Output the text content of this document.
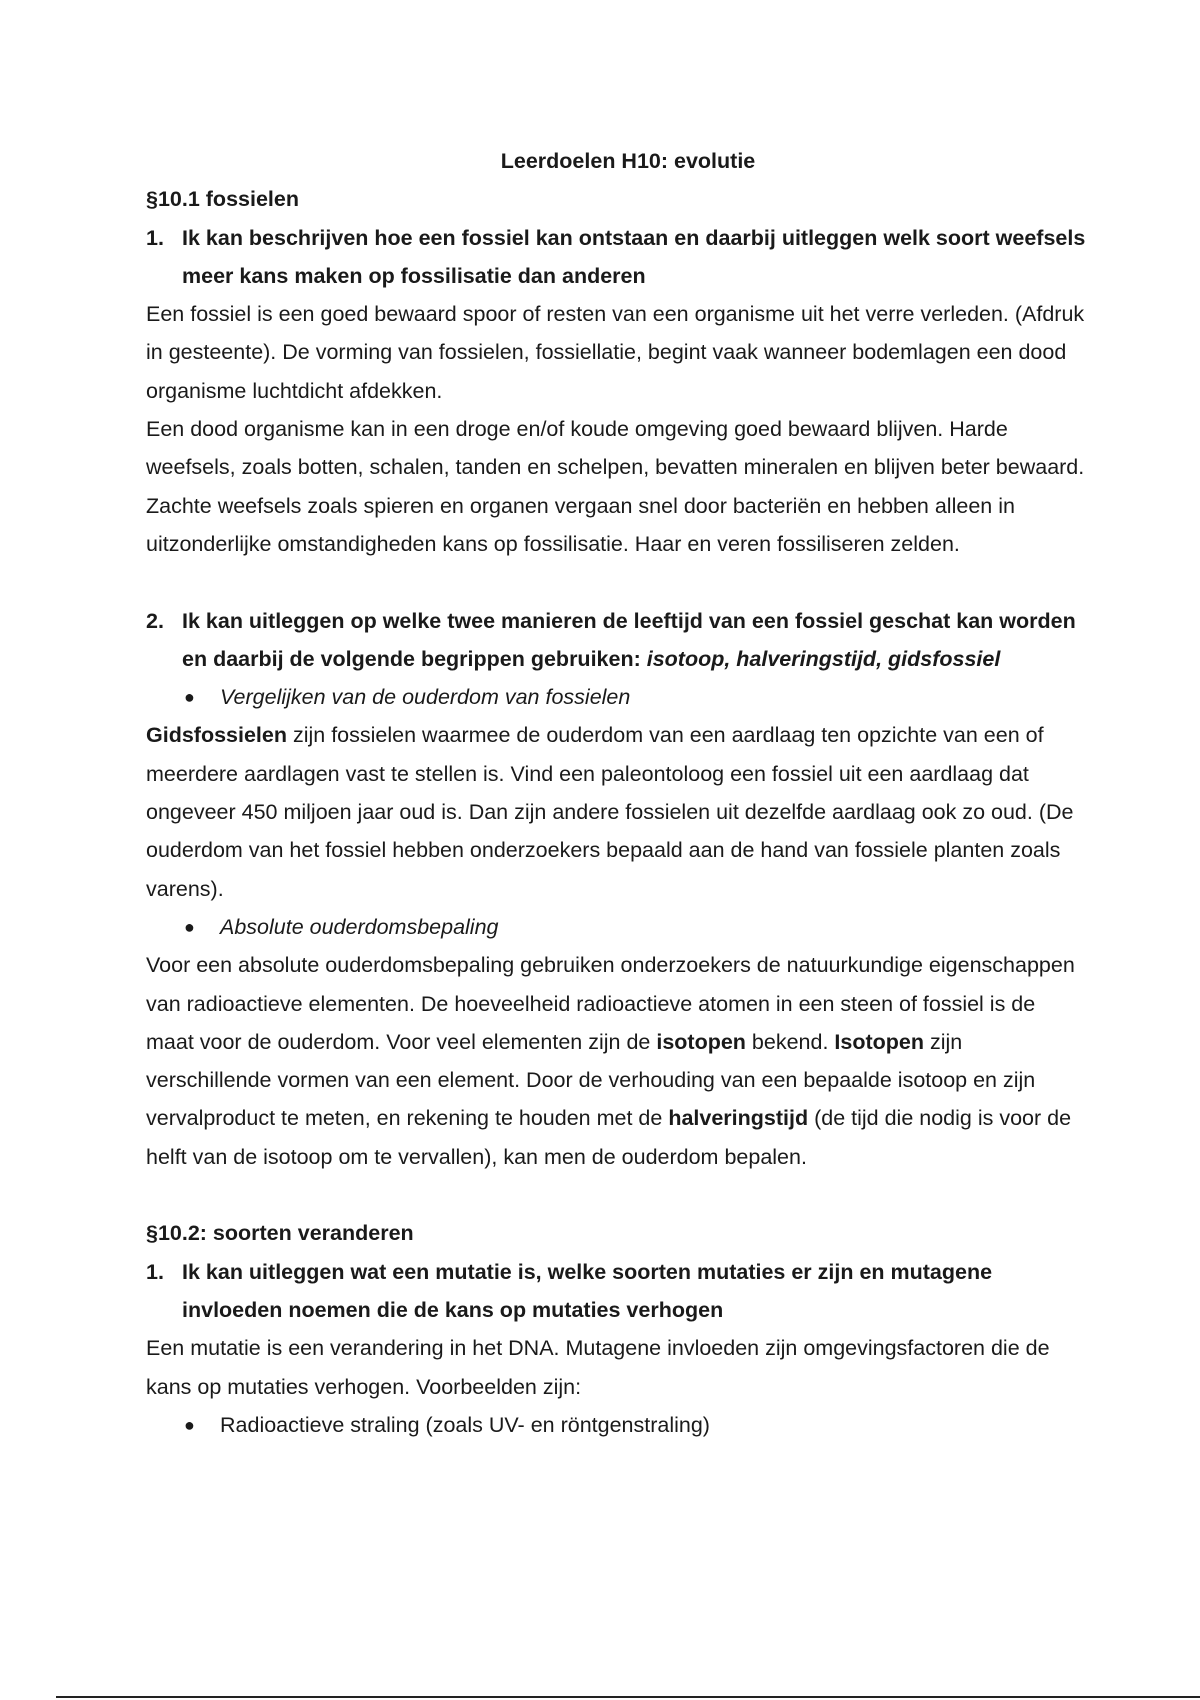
Leerdoelen H10: evolutie
§10.1 fossielen
1. Ik kan beschrijven hoe een fossiel kan ontstaan en daarbij uitleggen welk soort weefsels meer kans maken op fossilisatie dan anderen

Een fossiel is een goed bewaard spoor of resten van een organisme uit het verre verleden. (Afdruk in gesteente). De vorming van fossielen, fossiellatie, begint vaak wanneer bodemlagen een dood organisme luchtdicht afdekken.

Een dood organisme kan in een droge en/of koude omgeving goed bewaard blijven. Harde weefsels, zoals botten, schalen, tanden en schelpen, bevatten mineralen en blijven beter bewaard. Zachte weefsels zoals spieren en organen vergaan snel door bacteriën en hebben alleen in uitzonderlijke omstandigheden kans op fossilisatie. Haar en veren fossiliseren zelden.

2. Ik kan uitleggen op welke twee manieren de leeftijd van een fossiel geschat kan worden en daarbij de volgende begrippen gebruiken: isotoop, halveringstijd, gidsfossiel
●	Vergelijken van de ouderdom van fossielen

Gidsfossielen zijn fossielen waarmee de ouderdom van een aardlaag ten opzichte van een of meerdere aardlagen vast te stellen is. Vind een paleontoloog een fossiel uit een aardlaag dat ongeveer 450 miljoen jaar oud is. Dan zijn andere fossielen uit dezelfde aardlaag ook zo oud. (De ouderdom van het fossiel hebben onderzoekers bepaald aan de hand van fossiele planten zoals varens).

●	Absolute ouderdomsbepaling

Voor een absolute ouderdomsbepaling gebruiken onderzoekers de natuurkundige eigenschappen van radioactieve elementen. De hoeveelheid radioactieve atomen in een steen of fossiel is de maat voor de ouderdom. Voor veel elementen zijn de isotopen bekend. Isotopen zijn verschillende vormen van een element. Door de verhouding van een bepaalde isotoop en zijn vervalproduct te meten, en rekening te houden met de halveringstijd (de tijd die nodig is voor de helft van de isotoop om te vervallen), kan men de ouderdom bepalen.

§10.2: soorten veranderen
1. Ik kan uitleggen wat een mutatie is, welke soorten mutaties er zijn en mutagene invloeden noemen die de kans op mutaties verhogen

Een mutatie is een verandering in het DNA. Mutagene invloeden zijn omgevingsfactoren die de kans op mutaties verhogen. Voorbeelden zijn:

●	Radioactieve straling (zoals UV- en röntgenstraling)
